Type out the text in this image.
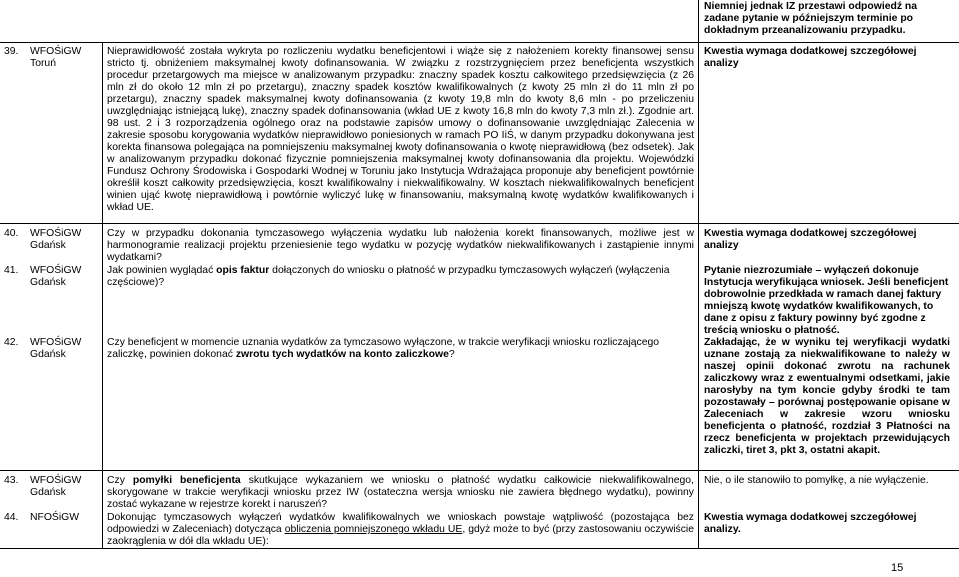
Niemniej jednak IZ przestawi odpowiedź na zadane pytanie w późniejszym terminie po dokładnym przeanalizowaniu przypadku.
39. WFOŚiGW
Toruń
Nieprawidłowość została wykryta po rozliczeniu wydatku beneficjentowi i wiąże się z nałożeniem korekty finansowej sensu stricto tj. obniżeniem maksymalnej kwoty dofinansowania. W związku z rozstrzygnięciem przez beneficjenta wszystkich procedur przetargowych ma miejsce w analizowanym przypadku: znaczny spadek kosztu całkowitego przedsięwzięcia (z 26 mln zł do około 12 mln zł po przetargu), znaczny spadek kosztów kwalifikowalnych (z kwoty 25 mln zł do 11 mln zł po przetargu), znaczny spadek maksymalnej kwoty dofinansowania (z kwoty 19,8 mln do kwoty 8,6 mln - po przeliczeniu uwzględniając istniejącą lukę), znaczny spadek dofinansowania (wkład UE z kwoty 16,8 mln do kwoty 7,3 mln zł.). Zgodnie art. 98 ust. 2 i 3 rozporządzenia ogólnego oraz na podstawie zapisów umowy o dofinansowanie uwzględniając Zalecenia w zakresie sposobu korygowania wydatków nieprawidłowo poniesionych w ramach PO IiŚ, w danym przypadku dokonywana jest korekta finansowa polegająca na pomniejszeniu maksymalnej kwoty dofinansowania o kwotę nieprawidłową (bez odsetek). Jak w analizowanym przypadku dokonać fizycznie pomniejszenia maksymalnej kwoty dofinansowania dla projektu. Wojewódzki Fundusz Ochrony Środowiska i Gospodarki Wodnej w Toruniu jako Instytucja Wdrażająca proponuje aby beneficjent powtórnie określił koszt całkowity przedsięwzięcia, koszt kwalifikowalny i niekwalifikowalny. W kosztach niekwalifikowalnych beneficjent winien ująć kwotę nieprawidłową i powtórnie wyliczyć lukę w finansowaniu, maksymalną kwotę wydatków kwalifikowanych i wkład UE.
Kwestia wymaga dodatkowej szczegółowej analizy
40. WFOŚiGW
Gdańsk
Czy w przypadku dokonania tymczasowego wyłączenia wydatku lub nałożenia korekt finansowanych, możliwe jest w harmonogramie realizacji projektu przeniesienie tego wydatku w pozycję wydatków niekwalifikowanych i zastąpienie innymi wydatkami?
Kwestia wymaga dodatkowej szczegółowej analizy
41. WFOŚiGW
Gdańsk
Jak powinien wyglądać opis faktur dołączonych do wniosku o płatność w przypadku tymczasowych wyłączeń (wyłączenia częściowe)?
Pytanie niezrozumiałe – wyłączeń dokonuje Instytucja weryfikująca wniosek. Jeśli beneficjent dobrowolnie przedkłada w ramach danej faktury mniejszą kwotę wydatków kwalifikowanych, to dane z opisu z faktury powinny być zgodne z treścią wniosku o płatność.
42. WFOŚiGW
Gdańsk
Czy beneficjent w momencie uznania wydatków za tymczasowo wyłączone, w trakcie weryfikacji wniosku rozliczającego zaliczkę, powinien dokonać zwrotu tych wydatków na konto zaliczkowe?
Zakładając, że w wyniku tej weryfikacji wydatki uznane zostają za niekwalifikowane to należy w naszej opinii dokonać zwrotu na rachunek zaliczkowy wraz z ewentualnymi odsetkami, jakie narosłyby na tym koncie gdyby środki te tam pozostawały – porównaj postępowanie opisane w Zaleceniach w zakresie wzoru wniosku beneficjenta o płatność, rozdział 3 Płatności na rzecz beneficjenta w projektach przewidujących zaliczki, tiret 3, pkt 3, ostatni akapit.
43. WFOŚiGW
Gdańsk
Czy pomyłki beneficjenta skutkujące wykazaniem we wniosku o płatność wydatku całkowicie niekwalifikowalnego, skorygowane w trakcie weryfikacji wniosku przez IW (ostateczna wersja wniosku nie zawiera błędnego wydatku), powinny zostać wykazane w rejestrze korekt i naruszeń?
Nie, o ile stanowiło to pomyłkę, a nie wyłączenie.
44. NFOŚiGW	Dokonując tymczasowych wyłączeń wydatków kwalifikowalnych we wnioskach powstaje wątpliwość (pozostająca bez odpowiedzi w Zaleceniach) dotycząca obliczenia pomniejszonego wkładu UE, gdyż może to być (przy zastosowaniu oczywiście zaokrąglenia w dół dla wkładu UE):
Kwestia wymaga dodatkowej szczegółowej analizy.
15
